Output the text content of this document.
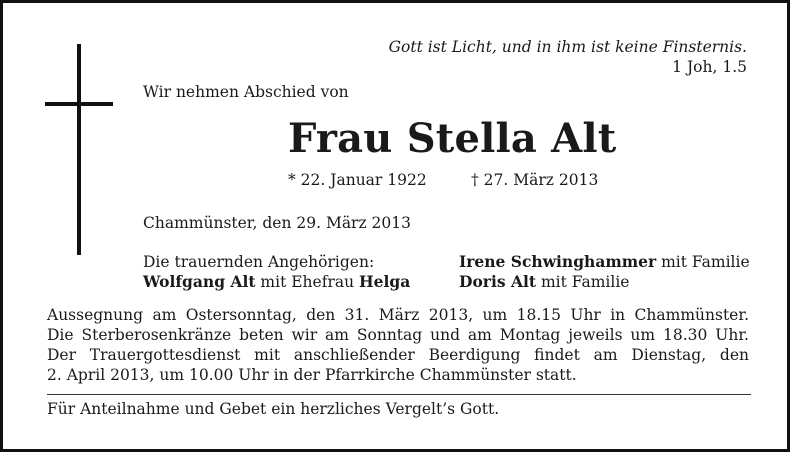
Gott ist Licht, und in ihm ist keine Finsternis.
1 Joh, 1.5
Wir nehmen Abschied von
Frau Stella Alt
* 22. Januar 1922	† 27. März 2013
Chammünster, den 29. März 2013
Die trauernden Angehörigen:
Wolfgang Alt mit Ehefrau Helga
Irene Schwinghammer mit Familie
Doris Alt mit Familie
Aussegnung am Ostersonntag, den 31. März 2013, um 18.15 Uhr in Chammünster.
Die Sterberosenkränze beten wir am Sonntag und am Montag jeweils um 18.30 Uhr.
Der Trauergottesdienst mit anschließender Beerdigung findet am Dienstag, den
2. April 2013, um 10.00 Uhr in der Pfarrkirche Chammünster statt.
Für Anteilnahme und Gebet ein herzliches Vergelt’s Gott.
